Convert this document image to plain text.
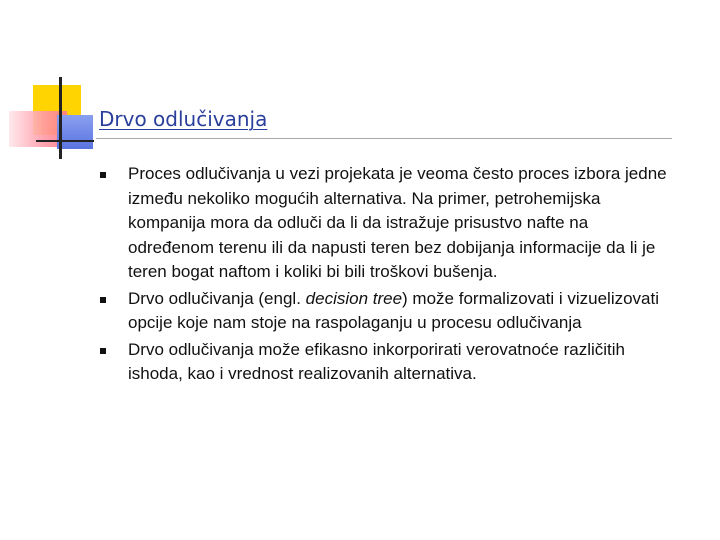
Drvo odlučivanja
Proces odlučivanja u vezi projekata je veoma često proces izbora jedne između nekoliko mogućih alternativa. Na primer, petrohemijska kompanija mora da odluči da li da istražuje prisustvo nafte na određenom terenu ili da napusti teren bez dobijanja informacije da li je teren bogat naftom i koliki bi bili troškovi bušenja.
Drvo odlučivanja (engl. decision tree) može formalizovati i vizuelizovati opcije koje nam stoje na raspolaganju u procesu odlučivanja
Drvo odlučivanja može efikasno inkorporirati verovatnoće različitih ishoda, kao i vrednost realizovanih alternativa.
